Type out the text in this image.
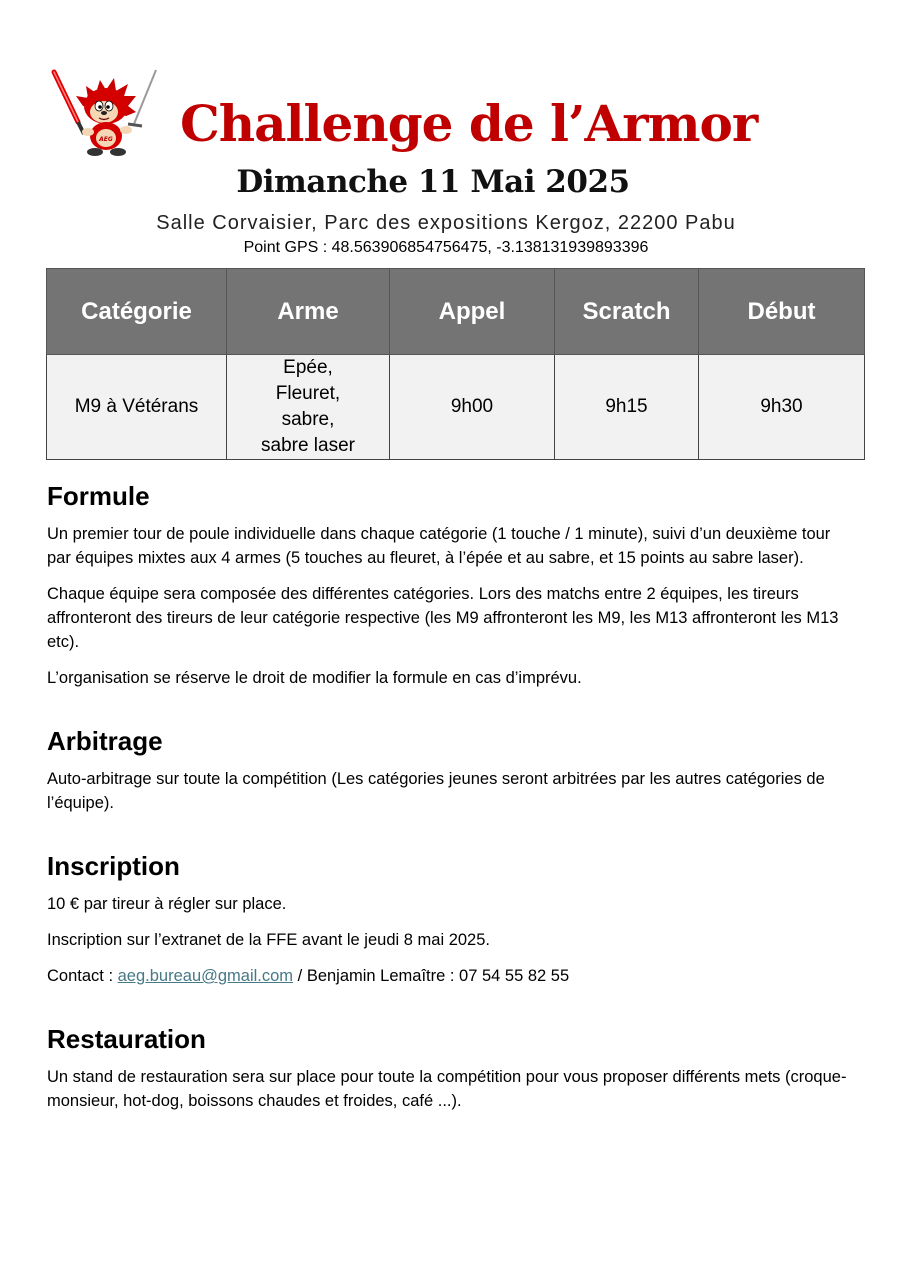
AEG Challenge de l’Armor
Dimanche 11 Mai 2025
Salle Corvaisier, Parc des expositions Kergoz, 22200 Pabu
Point GPS : 48.563906854756475, -3.138131939893396
Catégorie	Arme	Appel	Scratch	Début
M9 à Vétérans	Epée,
Fleuret,
sabre,
sabre laser	9h00	9h15	9h30
Formule

Un premier tour de poule individuelle dans chaque catégorie (1 touche / 1 minute), suivi d’un deuxième tour par équipes mixtes aux 4 armes (5 touches au fleuret, à l’épée et au sabre, et 15 points au sabre laser).

Chaque équipe sera composée des différentes catégories. Lors des matchs entre 2 équipes, les tireurs affronteront des tireurs de leur catégorie respective (les M9 affronteront les M9, les M13 affronteront les M13 etc).

L’organisation se réserve le droit de modifier la formule en cas d’imprévu.

Arbitrage

Auto-arbitrage sur toute la compétition (Les catégories jeunes seront arbitrées par les autres catégories de l’équipe).

Inscription

10 € par tireur à régler sur place.

Inscription sur l’extranet de la FFE avant le jeudi 8 mai 2025.

Contact : aeg.bureau@gmail.com / Benjamin Lemaître : 07 54 55 82 55

Restauration

Un stand de restauration sera sur place pour toute la compétition pour vous proposer différents mets (croque-monsieur, hot-dog, boissons chaudes et froides, café ...).
